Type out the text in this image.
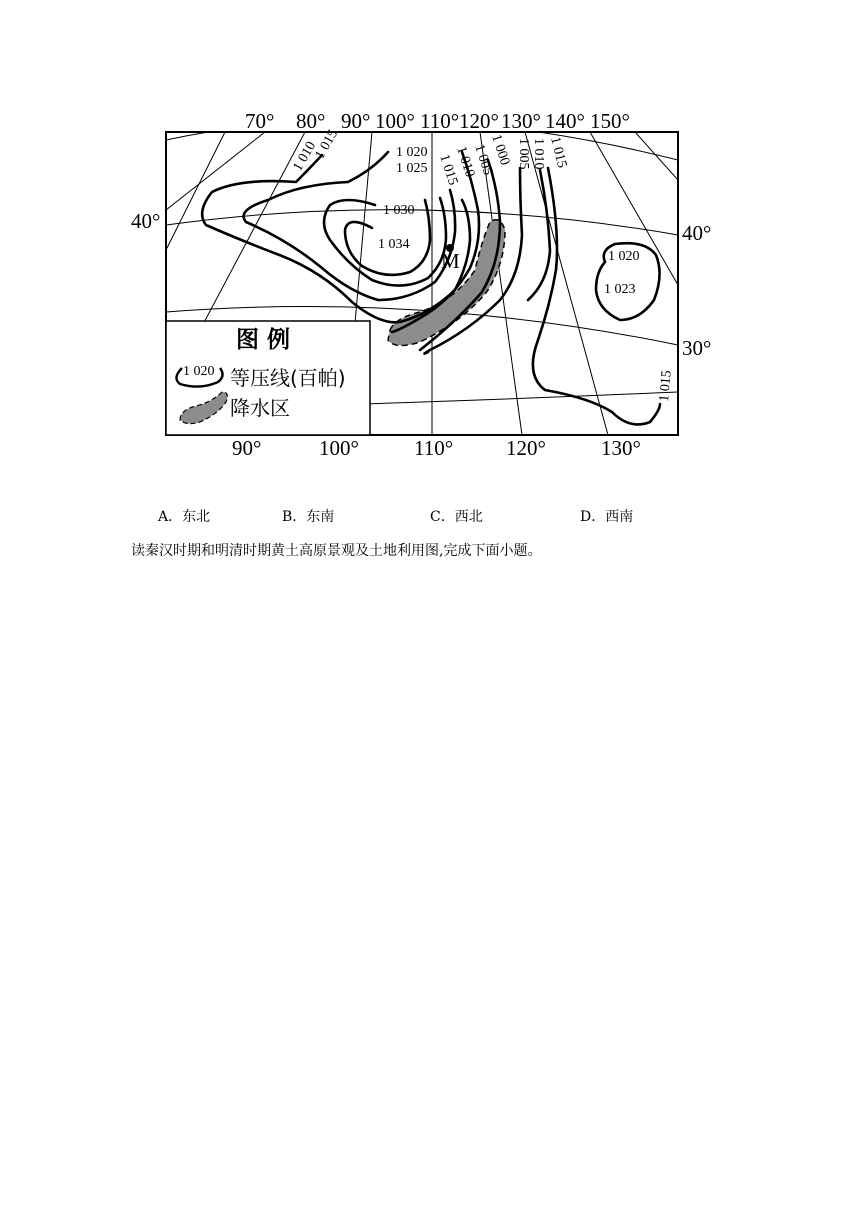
1 010
1 015	1 020
1 025
1 030
1 034
1 015
1 010
1 005
1 000 1 005 1 010 1 015
1 020
1 023
1 015
M
70° 80° 90° 100° 110° 120° 130° 140° 150°
90°	100°	110°	120°	130°
40°	40°
30°
图 例
1 020 等压线(百帕)
降水区
A．东北	B．东南	C．西北	D．西南
读秦汉时期和明清时期黄土高原景观及土地利用图,完成下面小题。
